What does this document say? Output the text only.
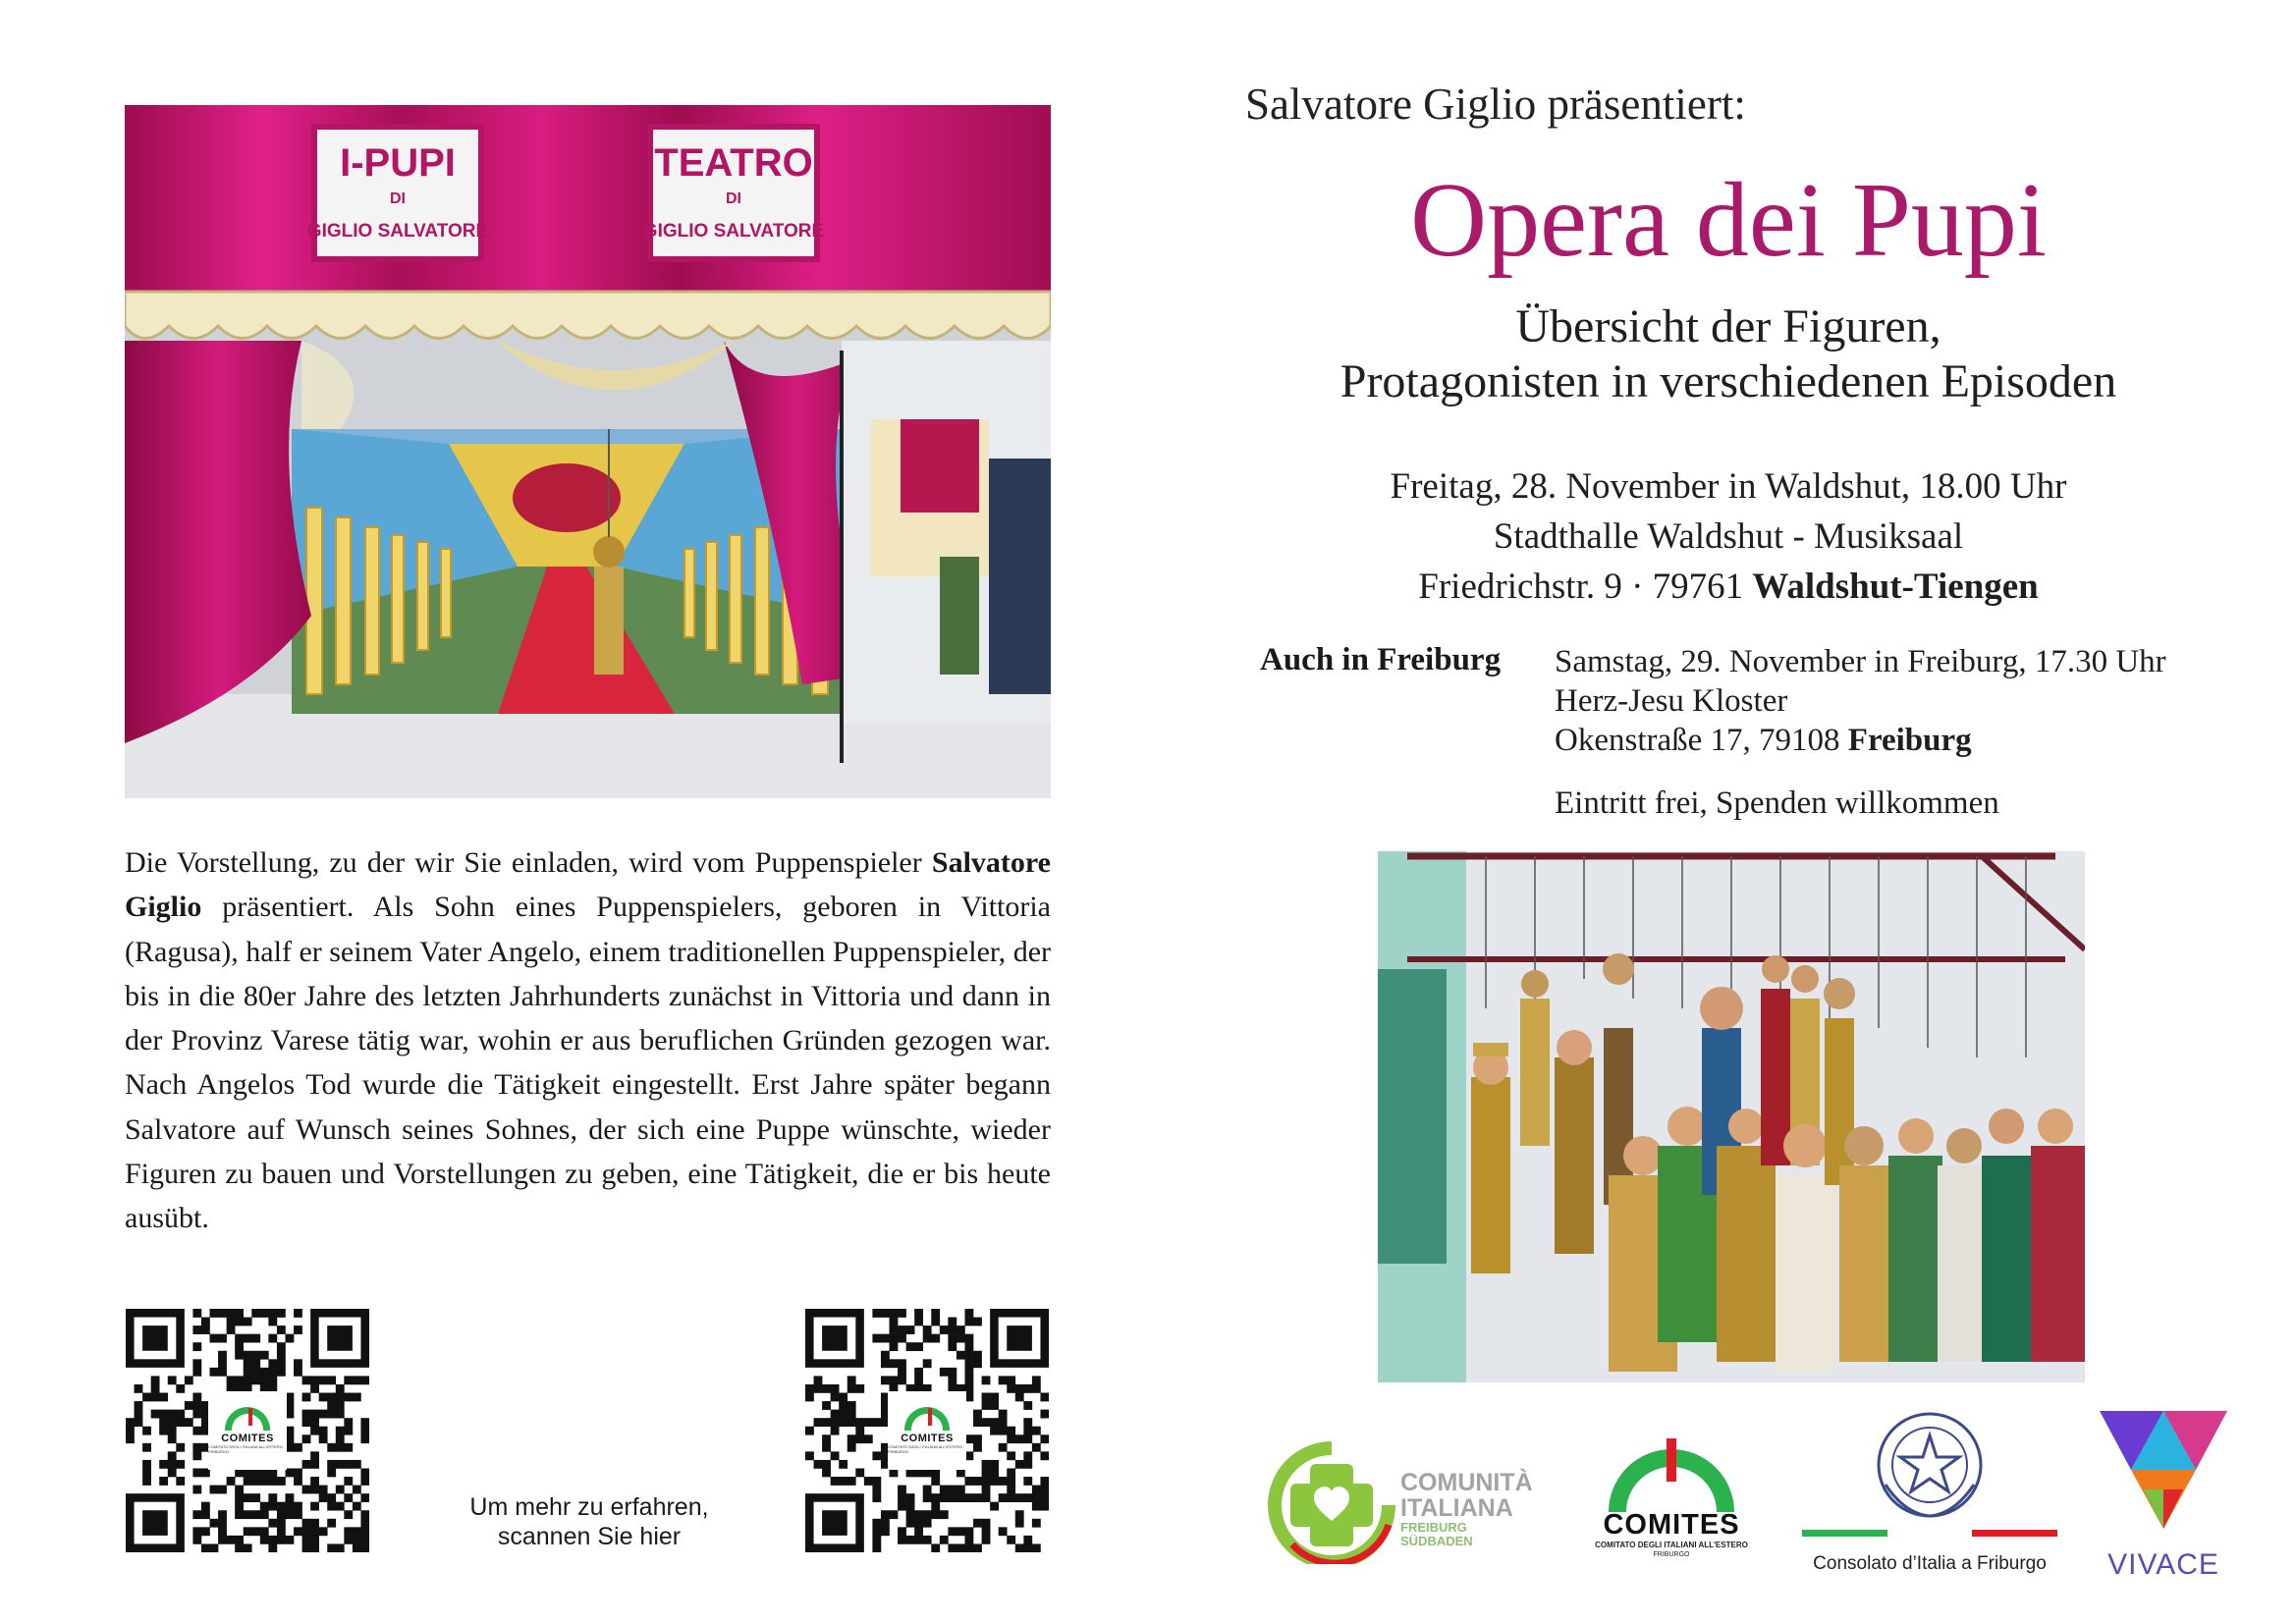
I-PUPI
DI
GIGLIO SALVATORE
TEATRO
DI
GIGLIO SALVATORE
Die Vorstellung, zu der wir Sie einladen, wird vom Puppenspieler Salvatore Giglio präsentiert. Als Sohn eines Puppenspielers, geboren in Vittoria (Ragusa), half er seinem Vater Angelo, einem traditionellen Puppenspieler, der bis in die 80er Jahre des letzten Jahrhunderts zunächst in Vittoria und dann in der Provinz Varese tätig war, wohin er aus beruflichen Gründen gezogen war. Nach Angelos Tod wurde die Tätigkeit eingestellt. Erst Jahre später begann Salvatore auf Wunsch seines Sohnes, der sich eine Puppe wünschte, wieder Figuren zu bauen und Vorstellungen zu geben, eine Tätigkeit, die er bis heute ausübt.
COMITES
COMITATO DEGLI ITALIANI ALL'ESTERO · FRIBURGO
Um mehr zu erfahren,
scannen Sie hier
COMITES
COMITATO DEGLI ITALIANI ALL'ESTERO · FRIBURGO
Salvatore Giglio präsentiert:
Opera dei Pupi
Übersicht der Figuren,
Protagonisten in verschiedenen Episoden
Freitag, 28. November in Waldshut, 18.00 Uhr
Stadthalle Waldshut - Musiksaal
Friedrichstr. 9 · 79761 Waldshut-Tiengen
Auch in Freiburg Samstag, 29. November in Freiburg, 17.30 Uhr
Herz-Jesu Kloster
Okenstraße 17, 79108 Freiburg
Eintritt frei, Spenden willkommen
COMUNITÀ
ITALIANA
FREIBURG
SÜDBADEN
COMITES
COMITATO DEGLI ITALIANI ALL'ESTERO
FRIBURGO	Consolato d’Italia a Friburgo	VIVACE
